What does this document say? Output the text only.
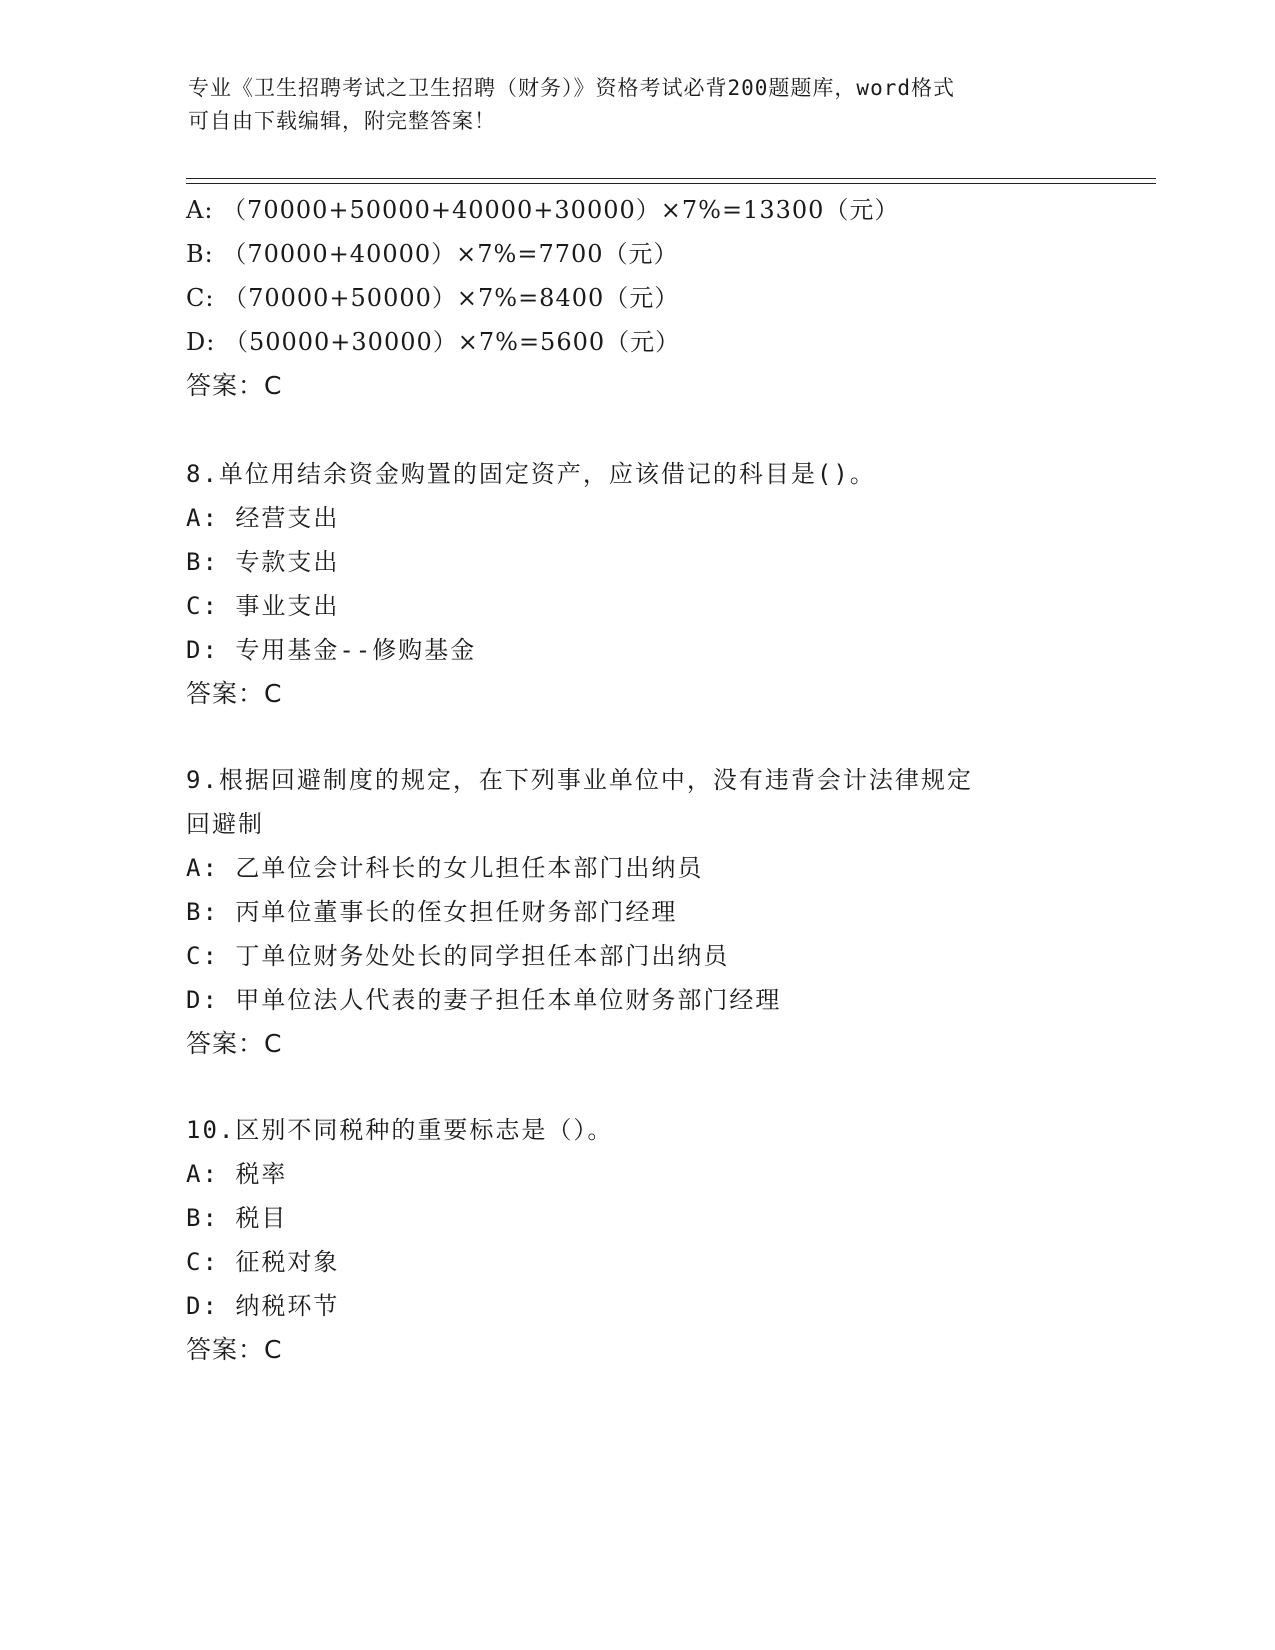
专业《卫生招聘考试之卫生招聘（财务）》资格考试必背200题题库，word格式
可自由下载编辑，附完整答案！
A: （70000+50000+40000+30000）×7%=13300（元）
B: （70000+40000）×7%=7700（元）
C: （70000+50000）×7%=8400（元）
D: （50000+30000）×7%=5600（元）
答案：C
8.单位用结余资金购置的固定资产，应该借记的科目是()。
A: 经营支出
B: 专款支出
C: 事业支出
D: 专用基金--修购基金
答案：C
9.根据回避制度的规定，在下列事业单位中，没有违背会计法律规定
回避制
A: 乙单位会计科长的女儿担任本部门出纳员
B: 丙单位董事长的侄女担任财务部门经理
C: 丁单位财务处处长的同学担任本部门出纳员
D: 甲单位法人代表的妻子担任本单位财务部门经理
答案：C
10.区别不同税种的重要标志是（）。
A: 税率
B: 税目
C: 征税对象
D: 纳税环节
答案：C
